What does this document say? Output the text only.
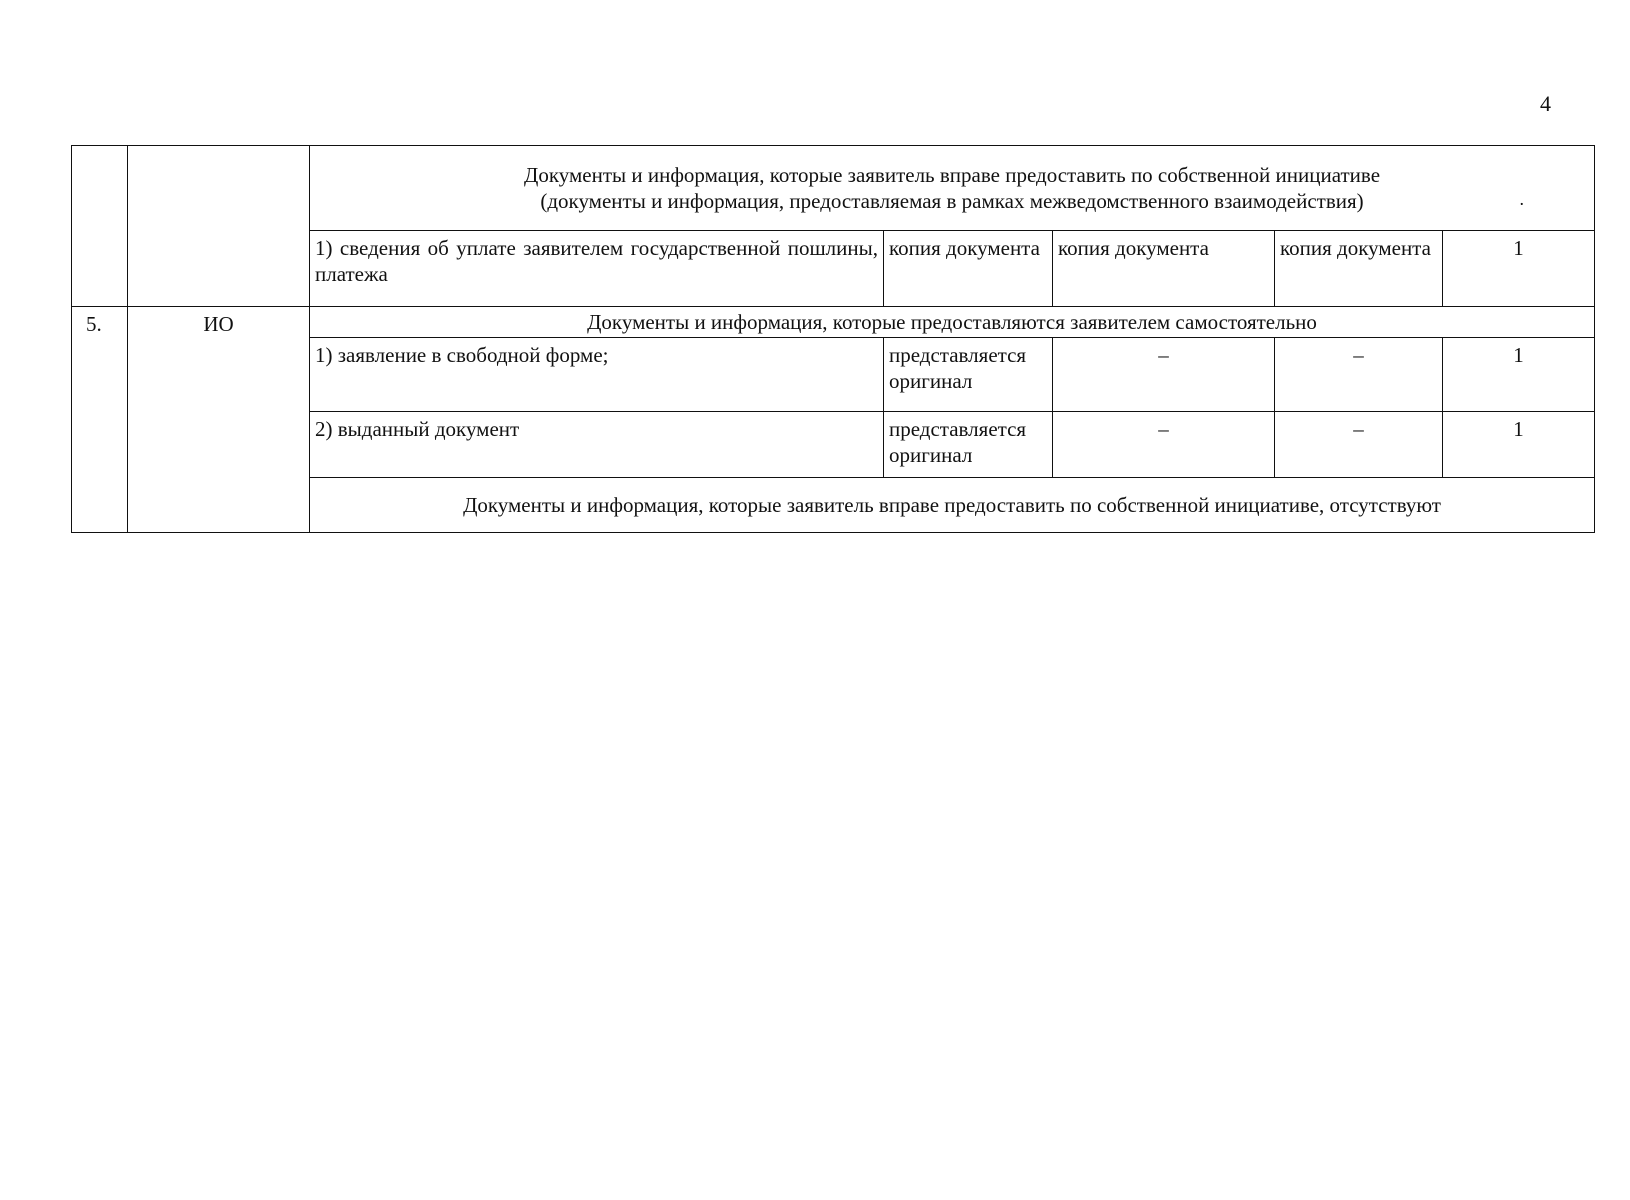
4

		Документы и информация, которые заявитель вправе предоставить по собственной инициативе
(документы и информация, предоставляемая в рамках межведомственного взаимодействия) .				

		1) сведения об уплате заявителем государственной пошлины, платежа	копия документа	копия документа	копия документа	1
5.	ИО	Документы и информация, которые предоставляются заявителем самостоятельно				
		1) заявление в свободной форме;	представляется оригинал	–	–	1
		2) выданный документ	представляется оригинал	–	–	1
		Документы и информация, которые заявитель вправе предоставить по собственной инициативе, отсутствуют				
